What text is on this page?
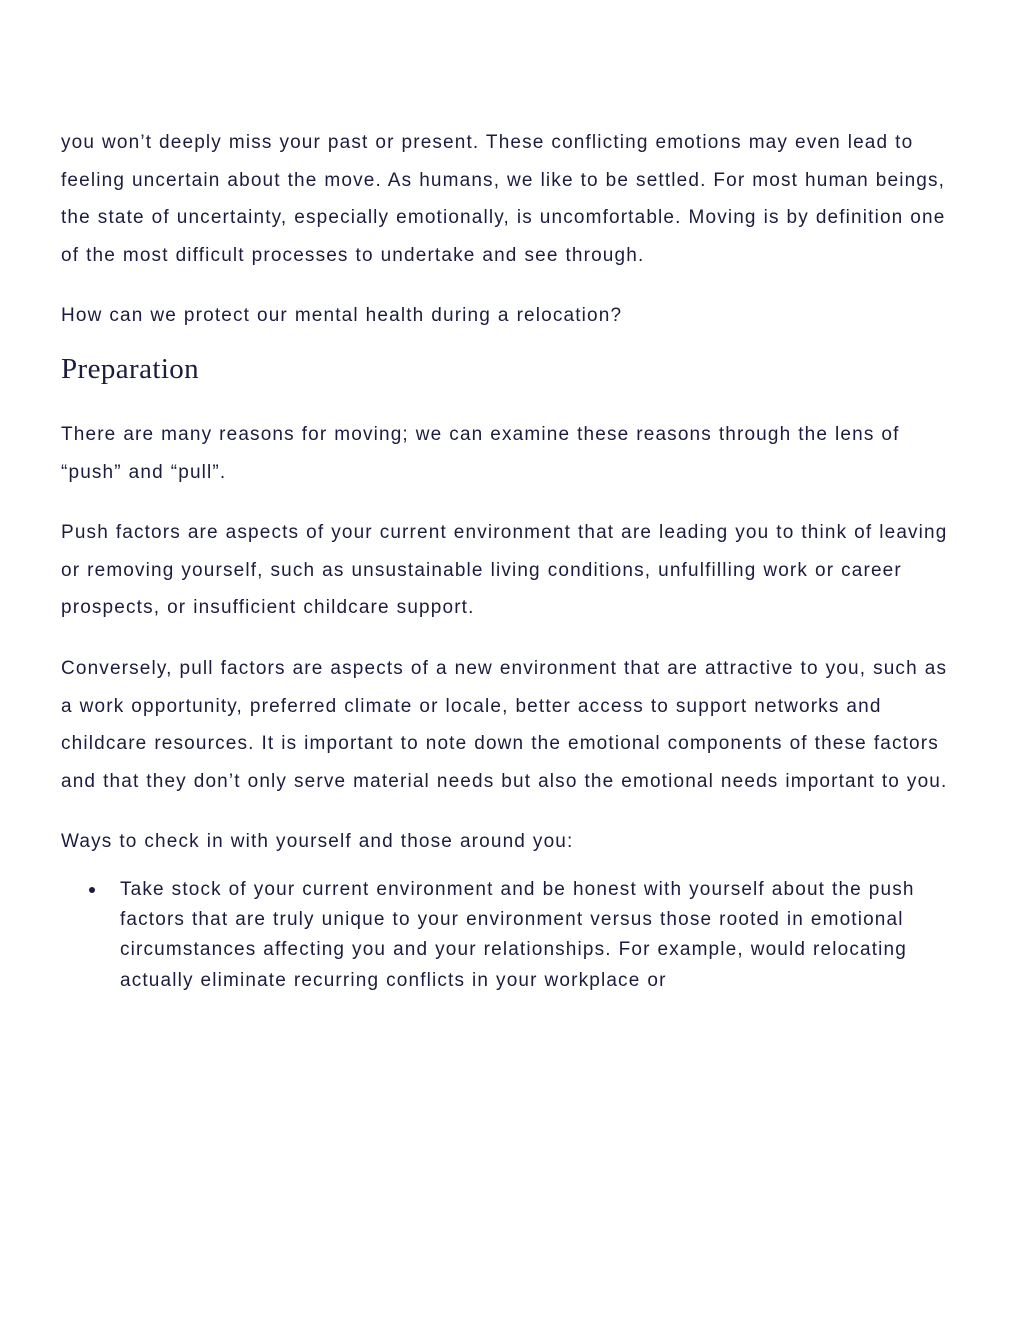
you won’t deeply miss your past or present. These conflicting emotions may even lead to feeling uncertain about the move. As humans, we like to be settled. For most human beings, the state of uncertainty, especially emotionally, is uncomfortable. Moving is by definition one of the most difficult processes to undertake and see through.

How can we protect our mental health during a relocation?

Preparation

There are many reasons for moving; we can examine these reasons through the lens of “push” and “pull”.

Push factors are aspects of your current environment that are leading you to think of leaving or removing yourself, such as unsustainable living conditions, unfulfilling work or career prospects, or insufficient childcare support.

Conversely, pull factors are aspects of a new environment that are attractive to you, such as a work opportunity, preferred climate or locale, better access to support networks and childcare resources. It is important to note down the emotional components of these factors and that they don’t only serve material needs but also the emotional needs important to you.

Ways to check in with yourself and those around you:

Take stock of your current environment and be honest with yourself about the push factors that are truly unique to your environment versus those rooted in emotional circumstances affecting you and your relationships. For example, would relocating actually eliminate recurring conflicts in your workplace or
